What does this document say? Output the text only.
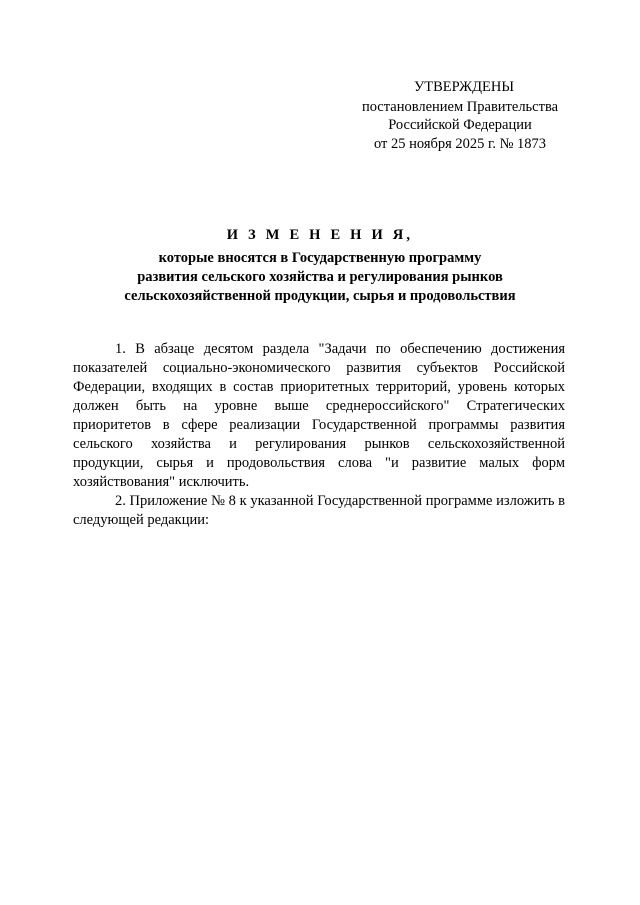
УТВЕРЖДЕНЫ
постановлением Правительства
Российской Федерации
от 25 ноября 2025 г. № 1873
И З М Е Н Е Н И Я,
которые вносятся в Государственную программу
развития сельского хозяйства и регулирования рынков
сельскохозяйственной продукции, сырья и продовольствия

1. В абзаце десятом раздела "Задачи по обеспечению достижения показателей социально-экономического развития субъектов Российской Федерации, входящих в состав приоритетных территорий, уровень которых должен быть на уровне выше среднероссийского" Стратегических приоритетов в сфере реализации Государственной программы развития сельского хозяйства и регулирования рынков сельскохозяйственной продукции, сырья и продовольствия слова "и развитие малых форм хозяйствования" исключить.

2. Приложение № 8 к указанной Государственной программе изложить в следующей редакции:
